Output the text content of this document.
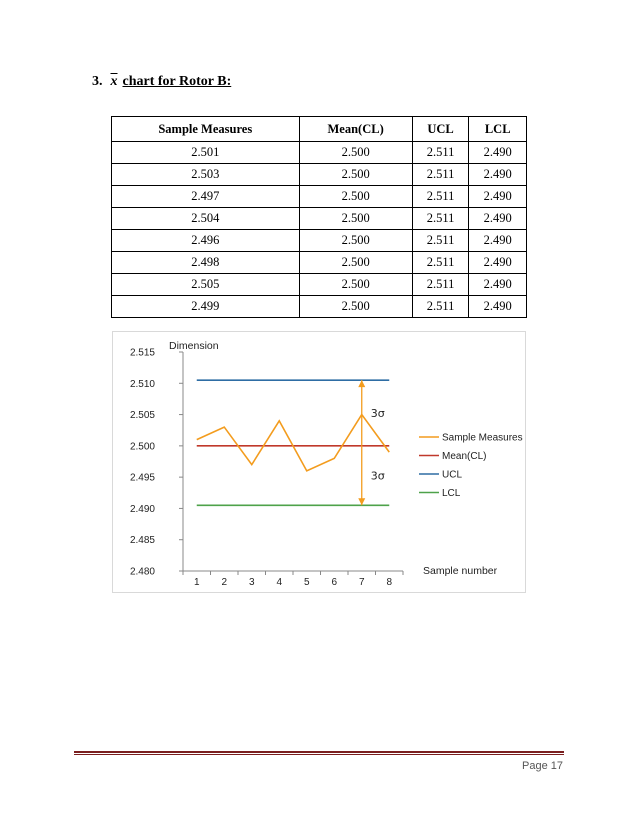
3. $\overline{x}$ chart for Rotor B:
Sample Measures	Mean(CL)	UCL	LCL
2.501	2.500	2.511	2.490
2.503	2.500	2.511	2.490
2.497	2.500	2.511	2.490
2.504	2.500	2.511	2.490
2.496	2.500	2.511	2.490
2.498	2.500	2.511	2.490
2.505	2.500	2.511	2.490
2.499	2.500	2.511	2.490
2.480
2.485
2.490
2.495
2.500
2.505
2.510
2.515
1 2 3 4 5 6 7 8
Dimension
Sample number
3σ
3σ
Sample Measures
Mean(CL)
UCL
LCL
Page 17
